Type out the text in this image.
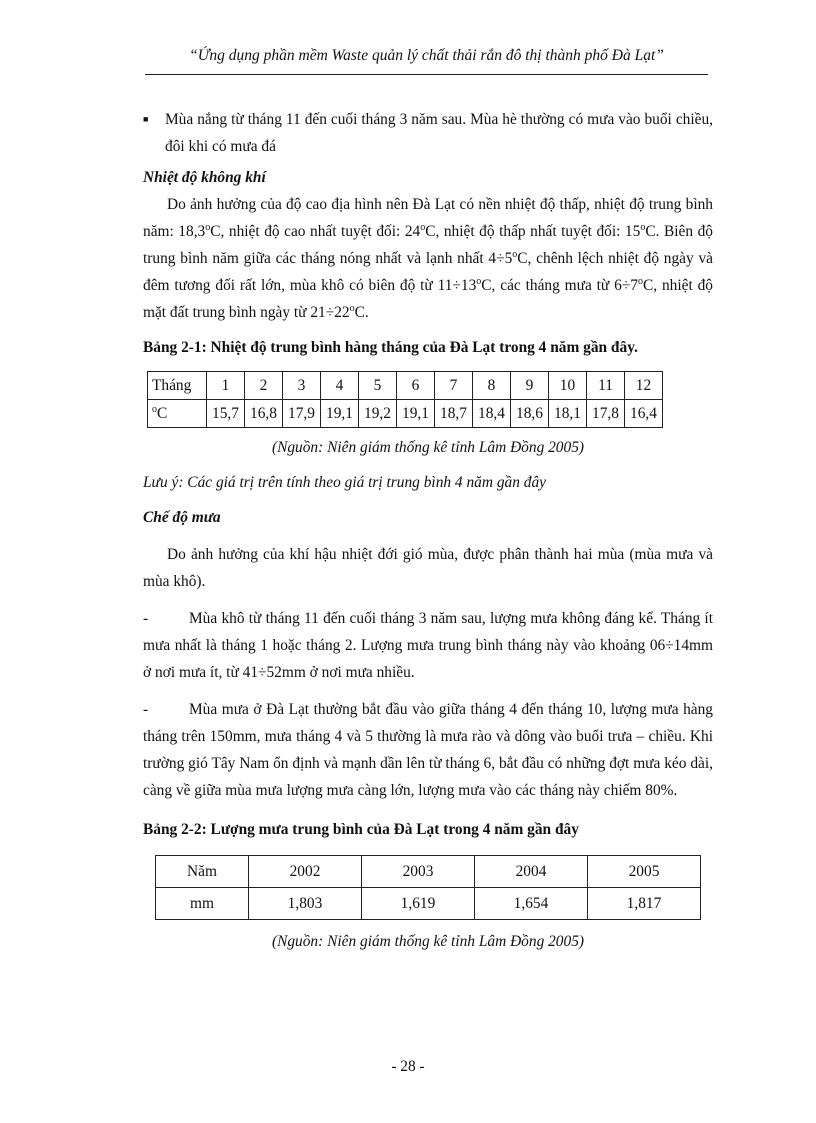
“Ứng dụng phần mềm Waste quản lý chất thải rắn đô thị thành phố Đà Lạt”

■ Mùa nắng từ tháng 11 đến cuối tháng 3 năm sau. Mùa hè thường có mưa vào buổi chiều, đôi khi có mưa đá

Nhiệt độ không khí

Do ảnh hưởng của độ cao địa hình nên Đà Lạt có nền nhiệt độ thấp, nhiệt độ trung bình năm: 18,3$^o$C, nhiệt độ cao nhất tuyệt đối: 24$^o$C, nhiệt độ thấp nhất tuyệt đối: 15$^o$C. Biên độ trung bình năm giữa các tháng nóng nhất và lạnh nhất $4\div 5^oC$, chênh lệch nhiệt độ ngày và đêm tương đối rất lớn, mùa khô có biên độ từ $11\div 13^oC$, các tháng mưa từ $6\div 7^oC$, nhiệt độ mặt đất trung bình ngày từ $21\div 22^oC$.

Bảng 2-1: Nhiệt độ trung bình hàng tháng của Đà Lạt trong 4 năm gần đây.

Tháng	1	2	3	4	5	6	7	8	9	10	11	12
$^o$C	15,7	16,8	17,9	19,1	19,2	19,1	18,7	18,4	18,6	18,1	17,8	16,4

(Nguồn: Niên giám thống kê tỉnh Lâm Đồng 2005)

Lưu ý: Các giá trị trên tính theo giá trị trung bình 4 năm gần đây

Chế độ mưa

Do ảnh hưởng của khí hậu nhiệt đới gió mùa, được phân thành hai mùa (mùa mưa và mùa khô).

-	Mùa khô từ tháng 11 đến cuối tháng 3 năm sau, lượng mưa không đáng kể. Tháng ít mưa nhất là tháng 1 hoặc tháng 2. Lượng mưa trung bình tháng này vào khoảng 06÷14mm ở nơi mưa ít, từ 41÷52mm ở nơi mưa nhiều.

-	Mùa mưa ở Đà Lạt thường bắt đầu vào giữa tháng 4 đến tháng 10, lượng mưa hàng tháng trên 150mm, mưa tháng 4 và 5 thường là mưa rào và dông vào buổi trưa – chiều. Khi trường gió Tây Nam ổn định và mạnh dần lên từ tháng 6, bắt đầu có những đợt mưa kéo dài, càng về giữa mùa mưa lượng mưa càng lớn, lượng mưa vào các tháng này chiếm 80%.

Bảng 2-2: Lượng mưa trung bình của Đà Lạt trong 4 năm gần đây

Năm	2002	2003	2004	2005
mm	1,803	1,619	1,654	1,817

(Nguồn: Niên giám thống kê tỉnh Lâm Đồng 2005)

- 28 -
